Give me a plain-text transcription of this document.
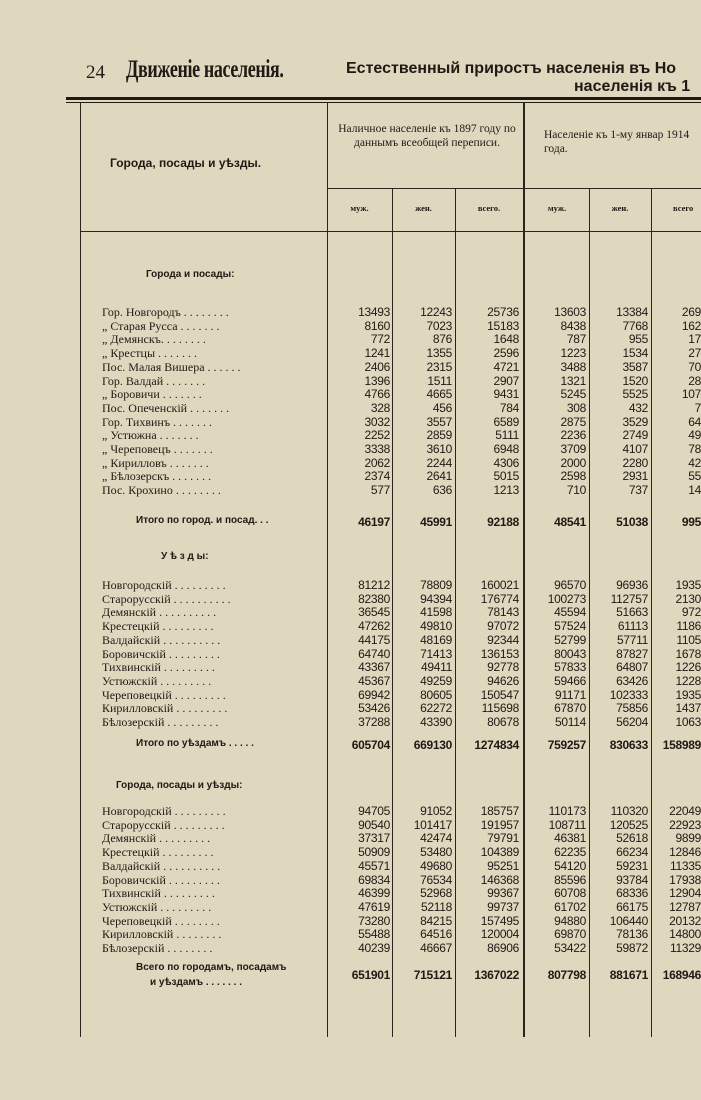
24 Движеніе населенія.	Естественный приростъ населенія въ Но
населенія къ 1
Города, посады и уѣзды.
Наличное населеніе къ 1897 году по даннымъ всеобщей переписи.
Населеніе къ 1-му январ 1914 года.
муж.	жен.	всего.	муж.	жен.	всего
Города и посады:
Гор. Новгородъ . . . . . . . .	13493	12243	25736	13603	13384	269
„ Старая Русса . . . . . . .	8160	7023	15183	8438	7768	162
„ Демянскъ. . . . . . . .	772	876	1648	787	955	17
„ Крестцы . . . . . . .	1241	1355	2596	1223	1534	27
Пос. Малая Вишера . . . . . .	2406	2315	4721	3488	3587	70
Гор. Валдай . . . . . . .	1396	1511	2907	1321	1520	28
„ Боровичи . . . . . . .	4766	4665	9431	5245	5525	107
Пос. Опеченскій . . . . . . .	328	456	784	308	432	7
Гор. Тихвинъ . . . . . . .	3032	3557	6589	2875	3529	64
„ Устюжна . . . . . . .	2252	2859	5111	2236	2749	49
„ Череповецъ . . . . . . .	3338	3610	6948	3709	4107	78
„ Кирилловъ . . . . . . .	2062	2244	4306	2000	2280	42
„ Бѣлозерскъ . . . . . . .	2374	2641	5015	2598	2931	55
Пос. Крохино . . . . . . . .	577	636	1213	710	737	14
Итого по город. и посад. . .	46197	45991	92188	48541	51038	995
У ѣ з д ы:
Новгородскій . . . . . . . . .	81212	78809	160021	96570	96936	1935
Старорусскій . . . . . . . . . .	82380	94394	176774	100273	112757	2130
Демянскій . . . . . . . . . .	36545	41598	78143	45594	51663	972
Крестецкій . . . . . . . . .	47262	49810	97072	57524	61113	1186
Валдайскій . . . . . . . . . .	44175	48169	92344	52799	57711	1105
Боровичскій . . . . . . . . .	64740	71413	136153	80043	87827	1678
Тихвинскій . . . . . . . . .	43367	49411	92778	57833	64807	1226
Устюжскій . . . . . . . . .	45367	49259	94626	59466	63426	1228
Череповецкій . . . . . . . . .	69942	80605	150547	91171	102333	1935
Кирилловскій . . . . . . . . .	53426	62272	115698	67870	75856	1437
Бѣлозерскій . . . . . . . . .	37288	43390	80678	50114	56204	1063
Итого по уѣздамъ . . . . .	605704	669130	1274834	759257	830633	158989
Города, посады и уѣзды:
Новгородскій . . . . . . . . .	94705	91052	185757	110173	110320	22049
Старорусскій . . . . . . . . .	90540	101417	191957	108711	120525	22923
Демянскій . . . . . . . . .	37317	42474	79791	46381	52618	9899
Крестецкій . . . . . . . . .	50909	53480	104389	62235	66234	12846
Валдайскій . . . . . . . . . .	45571	49680	95251	54120	59231	11335
Боровичскій . . . . . . . . .	69834	76534	146368	85596	93784	17938
Тихвинскій . . . . . . . . .	46399	52968	99367	60708	68336	12904
Устюжскій . . . . . . . . .	47619	52118	99737	61702	66175	12787
Череповецкій . . . . . . . .	73280	84215	157495	94880	106440	20132
Кирилловскій . . . . . . . .	55488	64516	120004	69870	78136	14800
Бѣлозерскій . . . . . . . .	40239	46667	86906	53422	59872	11329
Всего по городамъ, посадамъ
и уѣздамъ . . . . . . .
651901	715121	1367022	807798	881671	168946
